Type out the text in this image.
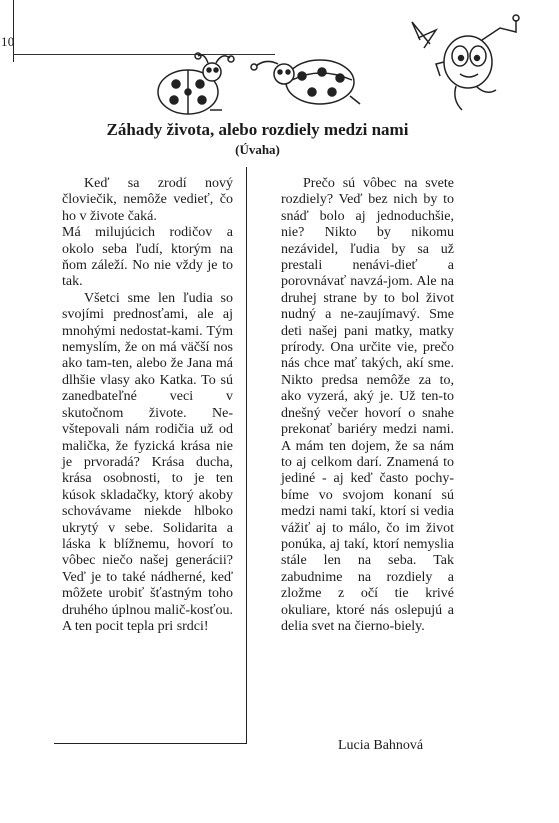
10
Záhady života, alebo rozdiely medzi nami
(Úvaha)

Keď sa zrodí nový človiečik, nemôže vedieť, čo ho v živote čaká.

Má milujúcich rodičov a okolo seba ľudí, ktorým na ňom záleží. No nie vždy je to tak.

Všetci sme len ľudia so svojími prednosťami, ale aj mnohými nedostat-kami. Tým nemyslím, že on má väčší nos ako tam-ten, alebo že Jana má dlhšie vlasy ako Katka. To sú zanedbateľné veci v skutočnom živote. Ne-vštepovali nám rodičia už od malička, že fyzická krása nie je prvoradá? Krása ducha, krása osobnosti, to je ten kúsok skladačky, ktorý akoby schovávame niekde hlboko ukrytý v sebe. Solidarita a láska k blížnemu, hovorí to vôbec niečo našej generácii? Veď je to také nádherné, keď môžete urobiť šťastným toho druhého úplnou malič-kosťou. A ten pocit tepla pri srdci!

Prečo sú vôbec na svete rozdiely? Veď bez nich by to snáď bolo aj jednoduchšie, nie? Nikto by nikomu nezávidel, ľudia by sa už prestali nenávi-dieť a porovnávať navzá-jom. Ale na druhej strane by to bol život nudný a ne-zaujímavý. Sme deti našej pani matky, matky prírody. Ona určite vie, prečo nás chce mať takých, akí sme. Nikto predsa nemôže za to, ako vyzerá, aký je. Už ten-to dnešný večer hovorí o snahe prekonať bariéry medzi nami. A mám ten dojem, že sa nám to aj celkom darí. Znamená to jediné - aj keď často pochy-bíme vo svojom konaní sú medzi nami takí, ktorí si vedia vážiť aj to málo, čo im život ponúka, aj takí, ktorí nemyslia stále len na seba. Tak zabudnime na rozdiely a zložme z očí tie krivé okuliare, ktoré nás oslepujú a delia svet na čierno-biely.

Lucia Bahnová
